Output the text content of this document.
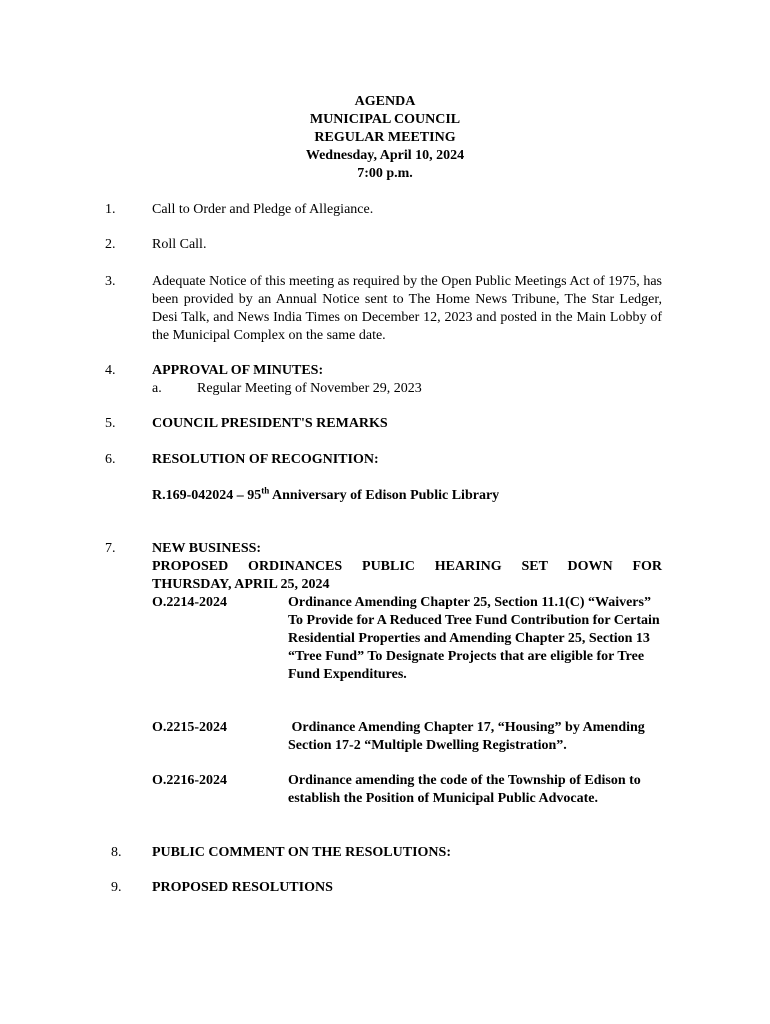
AGENDA
MUNICIPAL COUNCIL
REGULAR MEETING
Wednesday, April 10, 2024
7:00 p.m.
1.	Call to Order and Pledge of Allegiance.
2.	Roll Call.
3.	Adequate Notice of this meeting as required by the Open Public Meetings Act of 1975, has been provided by an Annual Notice sent to The Home News Tribune, The Star Ledger, Desi Talk, and News India Times on December 12, 2023 and posted in the Main Lobby of the Municipal Complex on the same date.
4.	APPROVAL OF MINUTES:
a.	Regular Meeting of November 29, 2023
5.	COUNCIL PRESIDENT'S REMARKS
6.	RESOLUTION OF RECOGNITION:
R.169-042024 – 95th Anniversary of Edison Public Library
7.	NEW BUSINESS:
PROPOSED ORDINANCES PUBLIC HEARING SET DOWN FOR
THURSDAY, APRIL 25, 2024
O.2214-2024	Ordinance Amending Chapter 25, Section 11.1(C) “Waivers” To Provide for A Reduced Tree Fund Contribution for Certain Residential Properties and Amending Chapter 25, Section 13 “Tree Fund” To Designate Projects that are eligible for Tree Fund Expenditures.
O.2215-2024	Ordinance Amending Chapter 17, “Housing” by Amending Section 17-2 “Multiple Dwelling Registration”.
O.2216-2024	Ordinance amending the code of the Township of Edison to establish the Position of Municipal Public Advocate.
8. PUBLIC COMMENT ON THE RESOLUTIONS:
9. PROPOSED RESOLUTIONS
